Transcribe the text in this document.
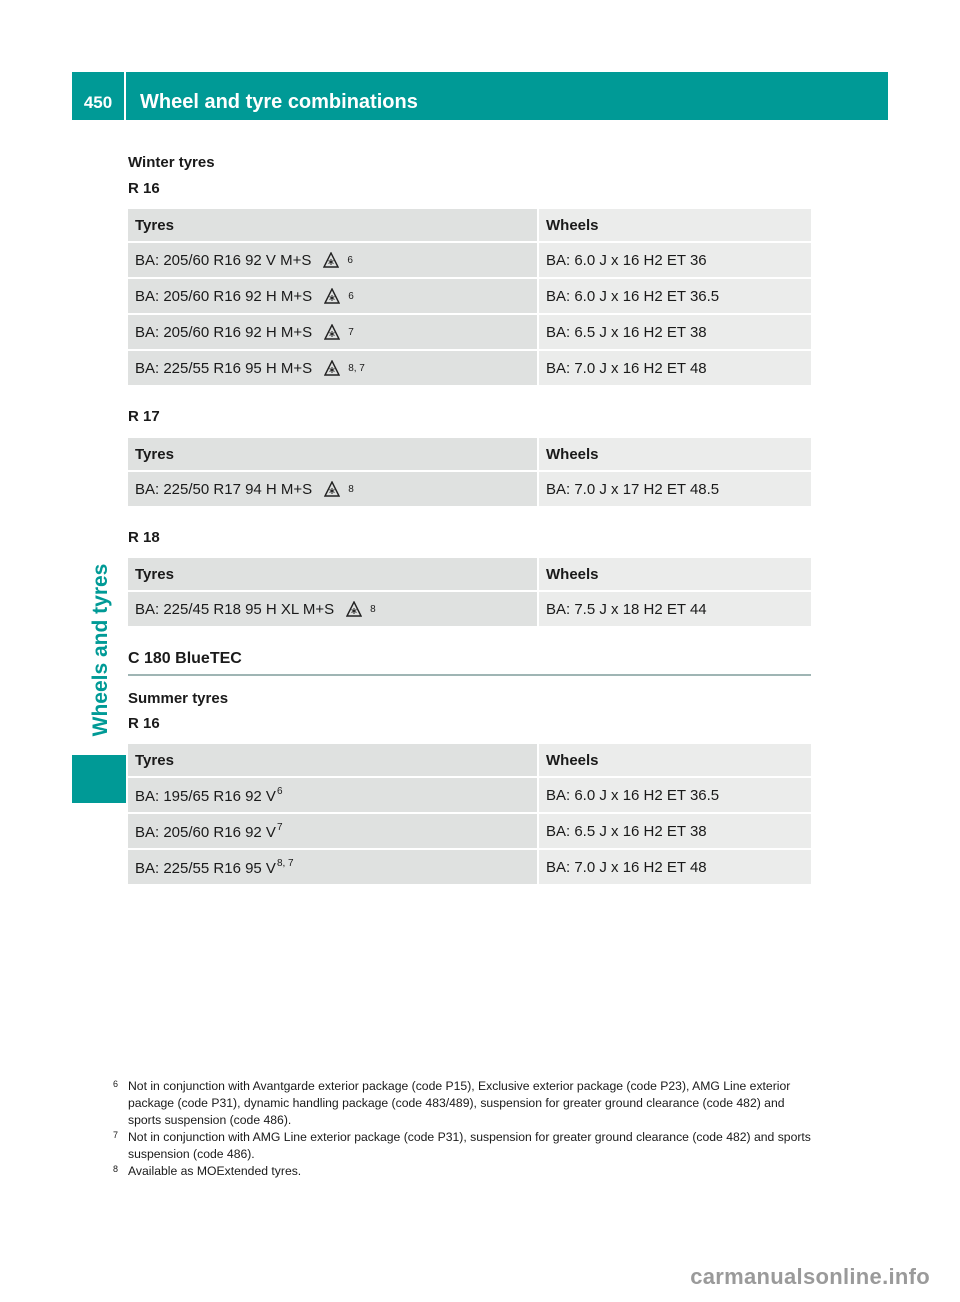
450	Wheel and tyre combinations
Wheels and tyres

Winter tyres

R 16

Tyres	Wheels

BA: 205/60 R16 92 V M+S 6	BA: 6.0 J x 16 H2 ET 36

BA: 205/60 R16 92 H M+S 6	BA: 6.0 J x 16 H2 ET 36.5

BA: 205/60 R16 92 H M+S 7	BA: 6.5 J x 16 H2 ET 38

BA: 225/55 R16 95 H M+S 8, 7	BA: 7.0 J x 16 H2 ET 48

R 17

Tyres	Wheels

BA: 225/50 R17 94 H M+S 8	BA: 7.0 J x 17 H2 ET 48.5

R 18

Tyres	Wheels

BA: 225/45 R18 95 H XL M+S 8	BA: 7.5 J x 18 H2 ET 44

C 180 BlueTEC

Summer tyres

R 16

Tyres	Wheels
BA: 195/65 R16 92 V$^6$	BA: 6.0 J x 16 H2 ET 36.5
BA: 205/60 R16 92 V$^7$	BA: 6.5 J x 16 H2 ET 38
BA: 225/55 R16 95 V$^{8, 7}$	BA: 7.0 J x 16 H2 ET 48
6 Not in conjunction with Avantgarde exterior package (code P15), Exclusive exterior package (code P23), AMG Line exterior package (code P31), dynamic handling package (code 483/489), suspension for greater ground clearance (code 482) and sports suspension (code 486).
7 Not in conjunction with AMG Line exterior package (code P31), suspension for greater ground clearance (code 482) and sports suspension (code 486).
8 Available as MOExtended tyres.
carmanualsonline.info
